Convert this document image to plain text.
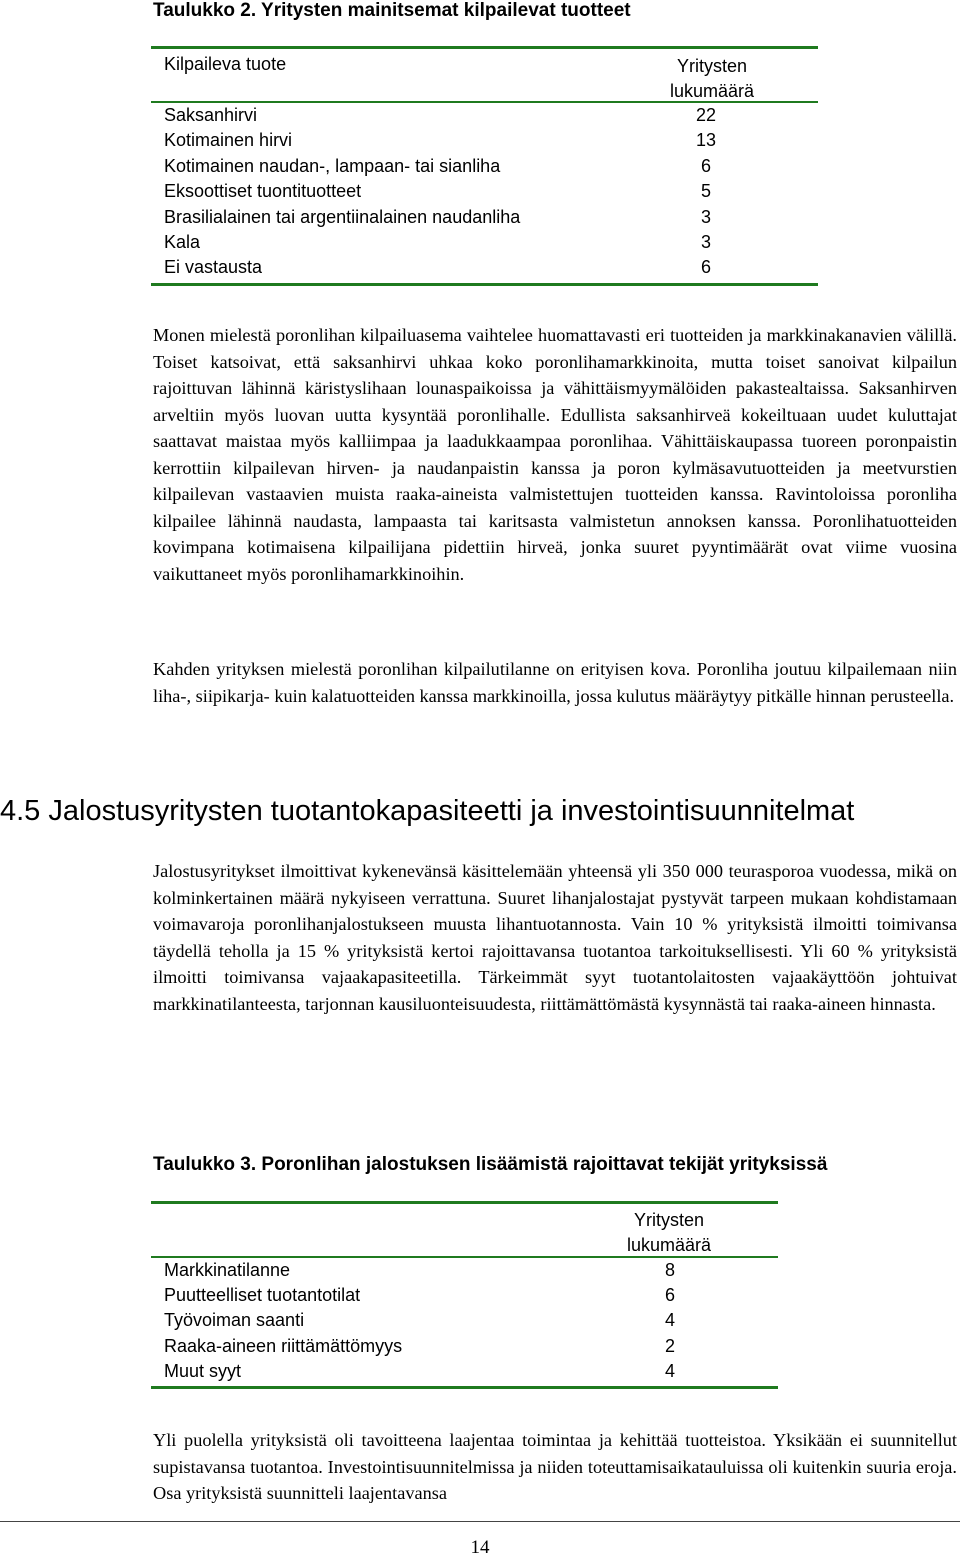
Taulukko 2. Yritysten mainitsemat kilpailevat tuotteet
Kilpaileva tuote	Yritysten
lukumäärä
Saksanhirvi	22
Kotimainen hirvi	13
Kotimainen naudan-, lampaan- tai sianliha	6
Eksoottiset tuontituotteet	5
Brasilialainen tai argentiinalainen naudanliha	3
Kala	3
Ei vastausta	6

Monen mielestä poronlihan kilpailuasema vaihtelee huomattavasti eri tuotteiden ja markkinakanavien välillä. Toiset katsoivat, että saksanhirvi uhkaa koko poronlihamarkkinoita, mutta toiset sanoivat kilpailun rajoittuvan lähinnä käristyslihaan lounaspaikoissa ja vähittäismyymälöiden pakastealtaissa. Saksanhirven arveltiin myös luovan uutta kysyntää poronlihalle. Edullista saksanhirveä kokeiltuaan uudet kuluttajat saattavat maistaa myös kalliimpaa ja laadukkaampaa poronlihaa. Vähittäiskaupassa tuoreen poronpaistin kerrottiin kilpailevan hirven- ja naudanpaistin kanssa ja poron kylmäsavutuotteiden ja meetvurstien kilpailevan vastaavien muista raaka-aineista valmistettujen tuotteiden kanssa. Ravintoloissa poronliha kilpailee lähinnä naudasta, lampaasta tai karitsasta valmistetun annoksen kanssa. Poronlihatuotteiden kovimpana kotimaisena kilpailijana pidettiin hirveä, jonka suuret pyyntimäärät ovat viime vuosina vaikuttaneet myös poronlihamarkkinoihin.

Kahden yrityksen mielestä poronlihan kilpailutilanne on erityisen kova. Poronliha joutuu kilpailemaan niin liha-, siipikarja- kuin kalatuotteiden kanssa markkinoilla, jossa kulutus määräytyy pitkälle hinnan perusteella.

4.5 Jalostusyritysten tuotantokapasiteetti ja investointisuunnitelmat

Jalostusyritykset ilmoittivat kykenevänsä käsittelemään yhteensä yli 350 000 teurasporoa vuodessa, mikä on kolminkertainen määrä nykyiseen verrattuna. Suuret lihanjalostajat pystyvät tarpeen mukaan kohdistamaan voimavaroja poronlihanjalostukseen muusta lihantuotannosta. Vain 10 % yrityksistä ilmoitti toimivansa täydellä teholla ja 15 % yrityksistä kertoi rajoittavansa tuotantoa tarkoituksellisesti. Yli 60 % yrityksistä ilmoitti toimivansa vajaakapasiteetilla. Tärkeimmät syyt tuotantolaitosten vajaakäyttöön johtuivat markkinatilanteesta, tarjonnan kausiluonteisuudesta, riittämättömästä kysynnästä tai raaka-aineen hinnasta.

Taulukko 3. Poronlihan jalostuksen lisäämistä rajoittavat tekijät yrityksissä
Yritysten
lukumäärä
Markkinatilanne	8
Puutteelliset tuotantotilat	6
Työvoiman saanti	4
Raaka-aineen riittämättömyys	2
Muut syyt	4

Yli puolella yrityksistä oli tavoitteena laajentaa toimintaa ja kehittää tuotteistoa. Yksikään ei suunnitellut supistavansa tuotantoa. Investointisuunnitelmissa ja niiden toteuttamisaikatauluissa oli kuitenkin suuria eroja. Osa yrityksistä suunnitteli laajentavansa

14
